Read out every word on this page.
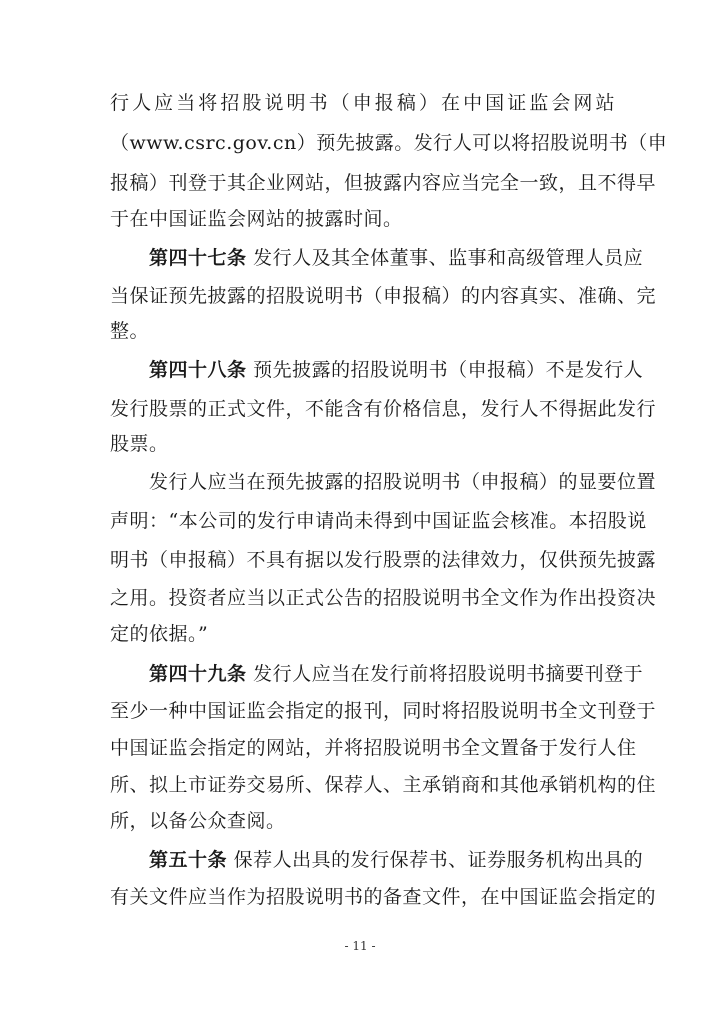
行人应当将招股说明书（申报稿）在中国证监会网站
（www.csrc.gov.cn）预先披露。发行人可以将招股说明书（申
报稿）刊登于其企业网站，但披露内容应当完全一致，且不得早
于在中国证监会网站的披露时间。
第四十七条 发行人及其全体董事、监事和高级管理人员应
当保证预先披露的招股说明书（申报稿）的内容真实、准确、完
整。
第四十八条 预先披露的招股说明书（申报稿）不是发行人
发行股票的正式文件，不能含有价格信息，发行人不得据此发行
股票。
发行人应当在预先披露的招股说明书（申报稿）的显要位置
声明：“本公司的发行申请尚未得到中国证监会核准。本招股说
明书（申报稿）不具有据以发行股票的法律效力，仅供预先披露
之用。投资者应当以正式公告的招股说明书全文作为作出投资决
定的依据。”
第四十九条 发行人应当在发行前将招股说明书摘要刊登于
至少一种中国证监会指定的报刊，同时将招股说明书全文刊登于
中国证监会指定的网站，并将招股说明书全文置备于发行人住
所、拟上市证券交易所、保荐人、主承销商和其他承销机构的住
所，以备公众查阅。
第五十条 保荐人出具的发行保荐书、证券服务机构出具的
有关文件应当作为招股说明书的备查文件，在中国证监会指定的
- 11 -
